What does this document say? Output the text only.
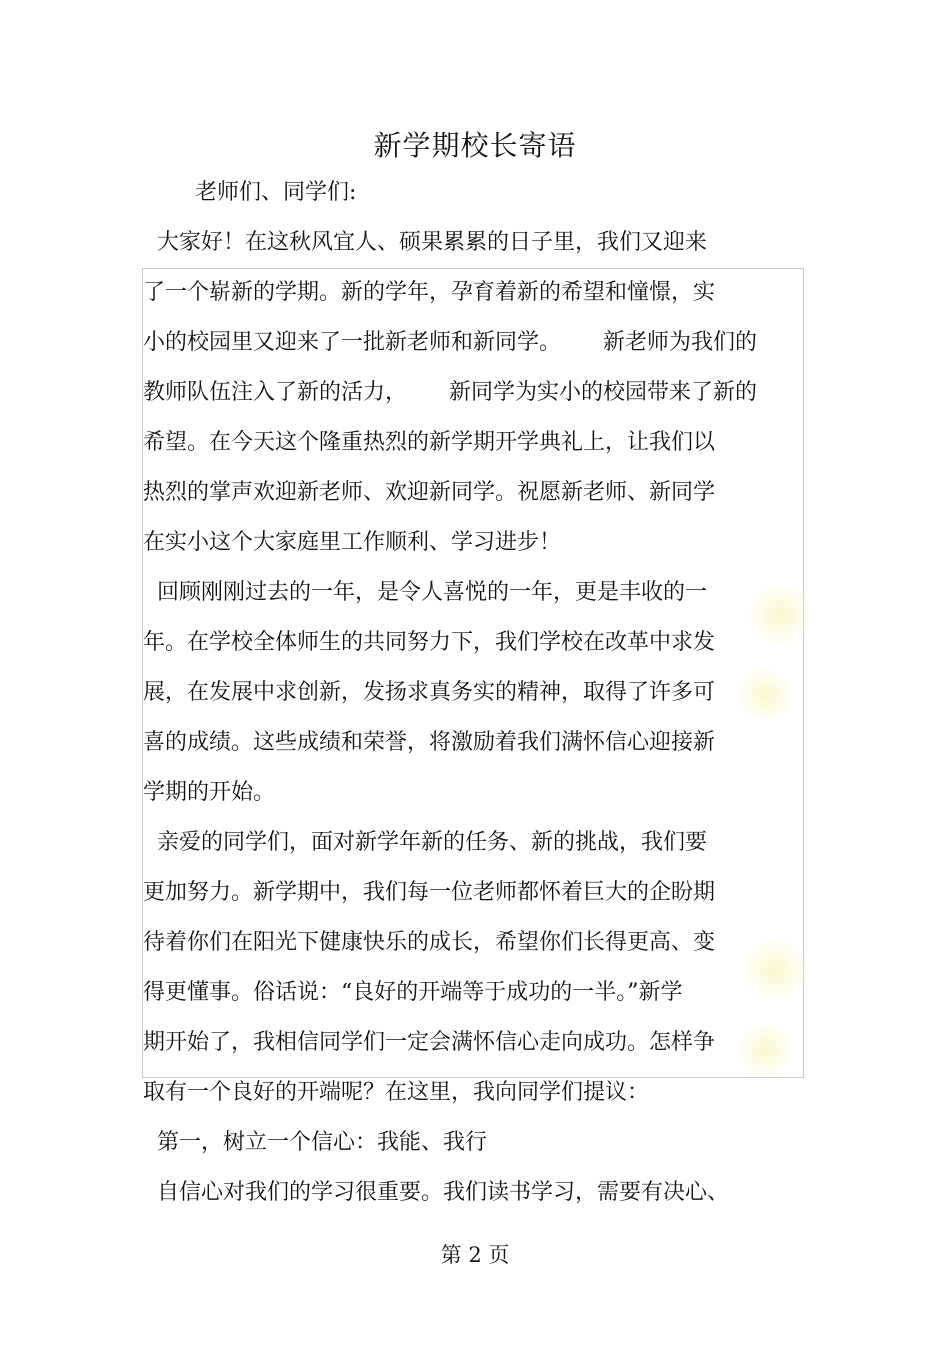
新学期校长寄语
老师们、同学们:
大家好！在这秋风宜人、硕果累累的日子里，我们又迎来
了一个崭新的学期。新的学年，孕育着新的希望和憧憬，实
小的校园里又迎来了一批新老师和新同学。      新老师为我们的
教师队伍注入了新的活力，      新同学为实小的校园带来了新的
希望。在今天这个隆重热烈的新学期开学典礼上，让我们以
热烈的掌声欢迎新老师、欢迎新同学。祝愿新老师、新同学
在实小这个大家庭里工作顺利、学习进步！
回顾刚刚过去的一年，是令人喜悦的一年，更是丰收的一
年。在学校全体师生的共同努力下，我们学校在改革中求发
展，在发展中求创新，发扬求真务实的精神，取得了许多可
喜的成绩。这些成绩和荣誉，将激励着我们满怀信心迎接新
学期的开始。
亲爱的同学们，面对新学年新的任务、新的挑战，我们要
更加努力。新学期中，我们每一位老师都怀着巨大的企盼期
待着你们在阳光下健康快乐的成长，希望你们长得更高、变
得更懂事。俗话说：“良好的开端等于成功的一半。”新学
期开始了，我相信同学们一定会满怀信心走向成功。怎样争
取有一个良好的开端呢？在这里，我向同学们提议：
第一，树立一个信心：我能、我行
自信心对我们的学习很重要。我们读书学习，需要有决心、
第 2 页
